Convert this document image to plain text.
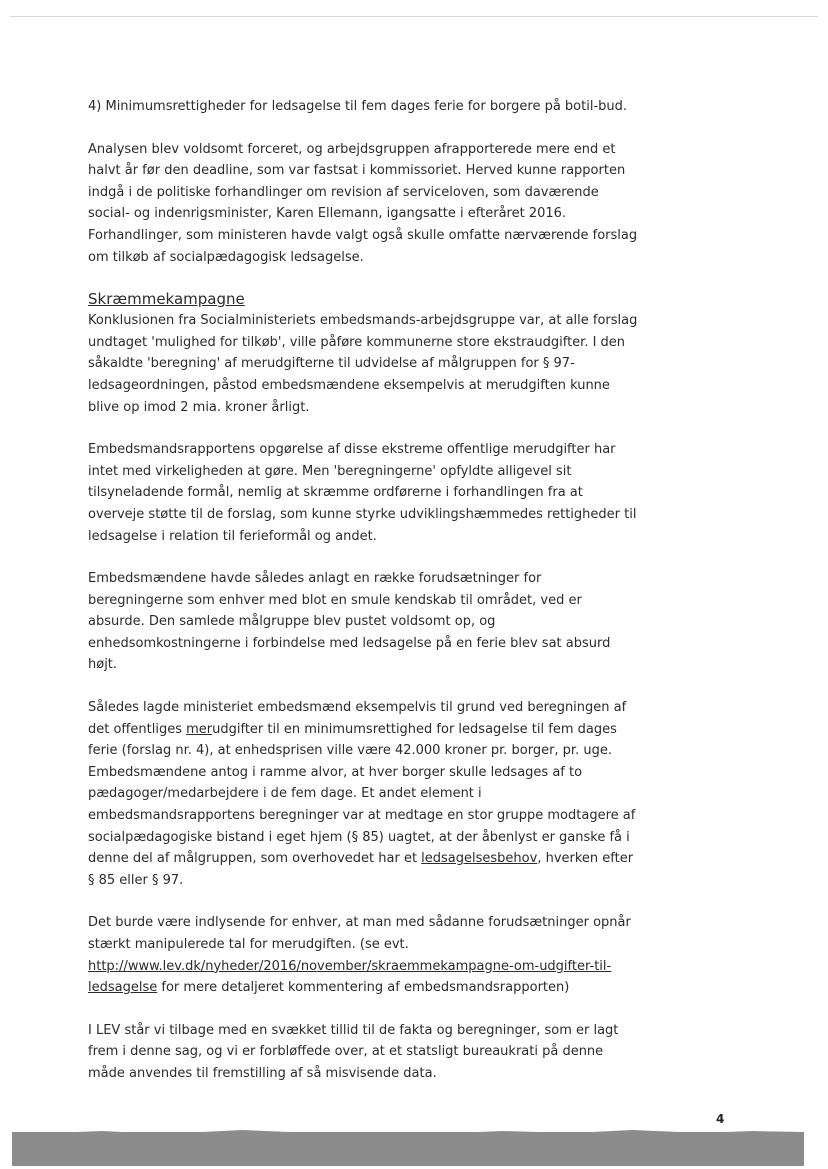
4) Minimumsrettigheder for ledsagelse til fem dages ferie for borgere på botil-bud.

Analysen blev voldsomt forceret, og arbejdsgruppen afrapporterede mere end et halvt år før den deadline, som var fastsat i kommissoriet. Herved kunne rapporten indgå i de politiske forhandlinger om revision af serviceloven, som daværende social- og indenrigsminister, Karen Ellemann, igangsatte i efteråret 2016. Forhandlinger, som ministeren havde valgt også skulle omfatte nærværende forslag om tilkøb af socialpædagogisk ledsagelse.

Skræmmekampagne

Konklusionen fra Socialministeriets embedsmands-arbejdsgruppe var, at alle forslag undtaget 'mulighed for tilkøb', ville påføre kommunerne store ekstraudgifter. I den såkaldte 'beregning' af merudgifterne til udvidelse af målgruppen for § 97-ledsageordningen, påstod embedsmændene eksempelvis at merudgiften kunne blive op imod 2 mia. kroner årligt.

Embedsmandsrapportens opgørelse af disse ekstreme offentlige merudgifter har intet med virkeligheden at gøre. Men 'beregningerne' opfyldte alligevel sit tilsyneladende formål, nemlig at skræmme ordførerne i forhandlingen fra at overveje støtte til de forslag, som kunne styrke udviklingshæmmedes rettigheder til ledsagelse i relation til ferieformål og andet.

Embedsmændene havde således anlagt en række forudsætninger for beregningerne som enhver med blot en smule kendskab til området, ved er absurde. Den samlede målgruppe blev pustet voldsomt op, og enhedsomkostningerne i forbindelse med ledsagelse på en ferie blev sat absurd højt.

Således lagde ministeriet embedsmænd eksempelvis til grund ved beregningen af det offentliges merudgifter til en minimumsrettighed for ledsagelse til fem dages ferie (forslag nr. 4), at enhedsprisen ville være 42.000 kroner pr. borger, pr. uge. Embedsmændene antog i ramme alvor, at hver borger skulle ledsages af to pædagoger/medarbejdere i de fem dage. Et andet element i embedsmandsrapportens beregninger var at medtage en stor gruppe modtagere af socialpædagogiske bistand i eget hjem (§ 85) uagtet, at der åbenlyst er ganske få i denne del af målgruppen, som overhovedet har et ledsagelsesbehov, hverken efter § 85 eller § 97.

Det burde være indlysende for enhver, at man med sådanne forudsætninger opnår stærkt manipulerede tal for merudgiften. (se evt. http://www.lev.dk/nyheder/2016/november/skraemmekampagne-om-udgifter-til-ledsagelse for mere detaljeret kommentering af embedsmandsrapporten)

I LEV står vi tilbage med en svækket tillid til de fakta og beregninger, som er lagt frem i denne sag, og vi er forbløffede over, at et statsligt bureaukrati på denne måde anvendes til fremstilling af så misvisende data.

4
